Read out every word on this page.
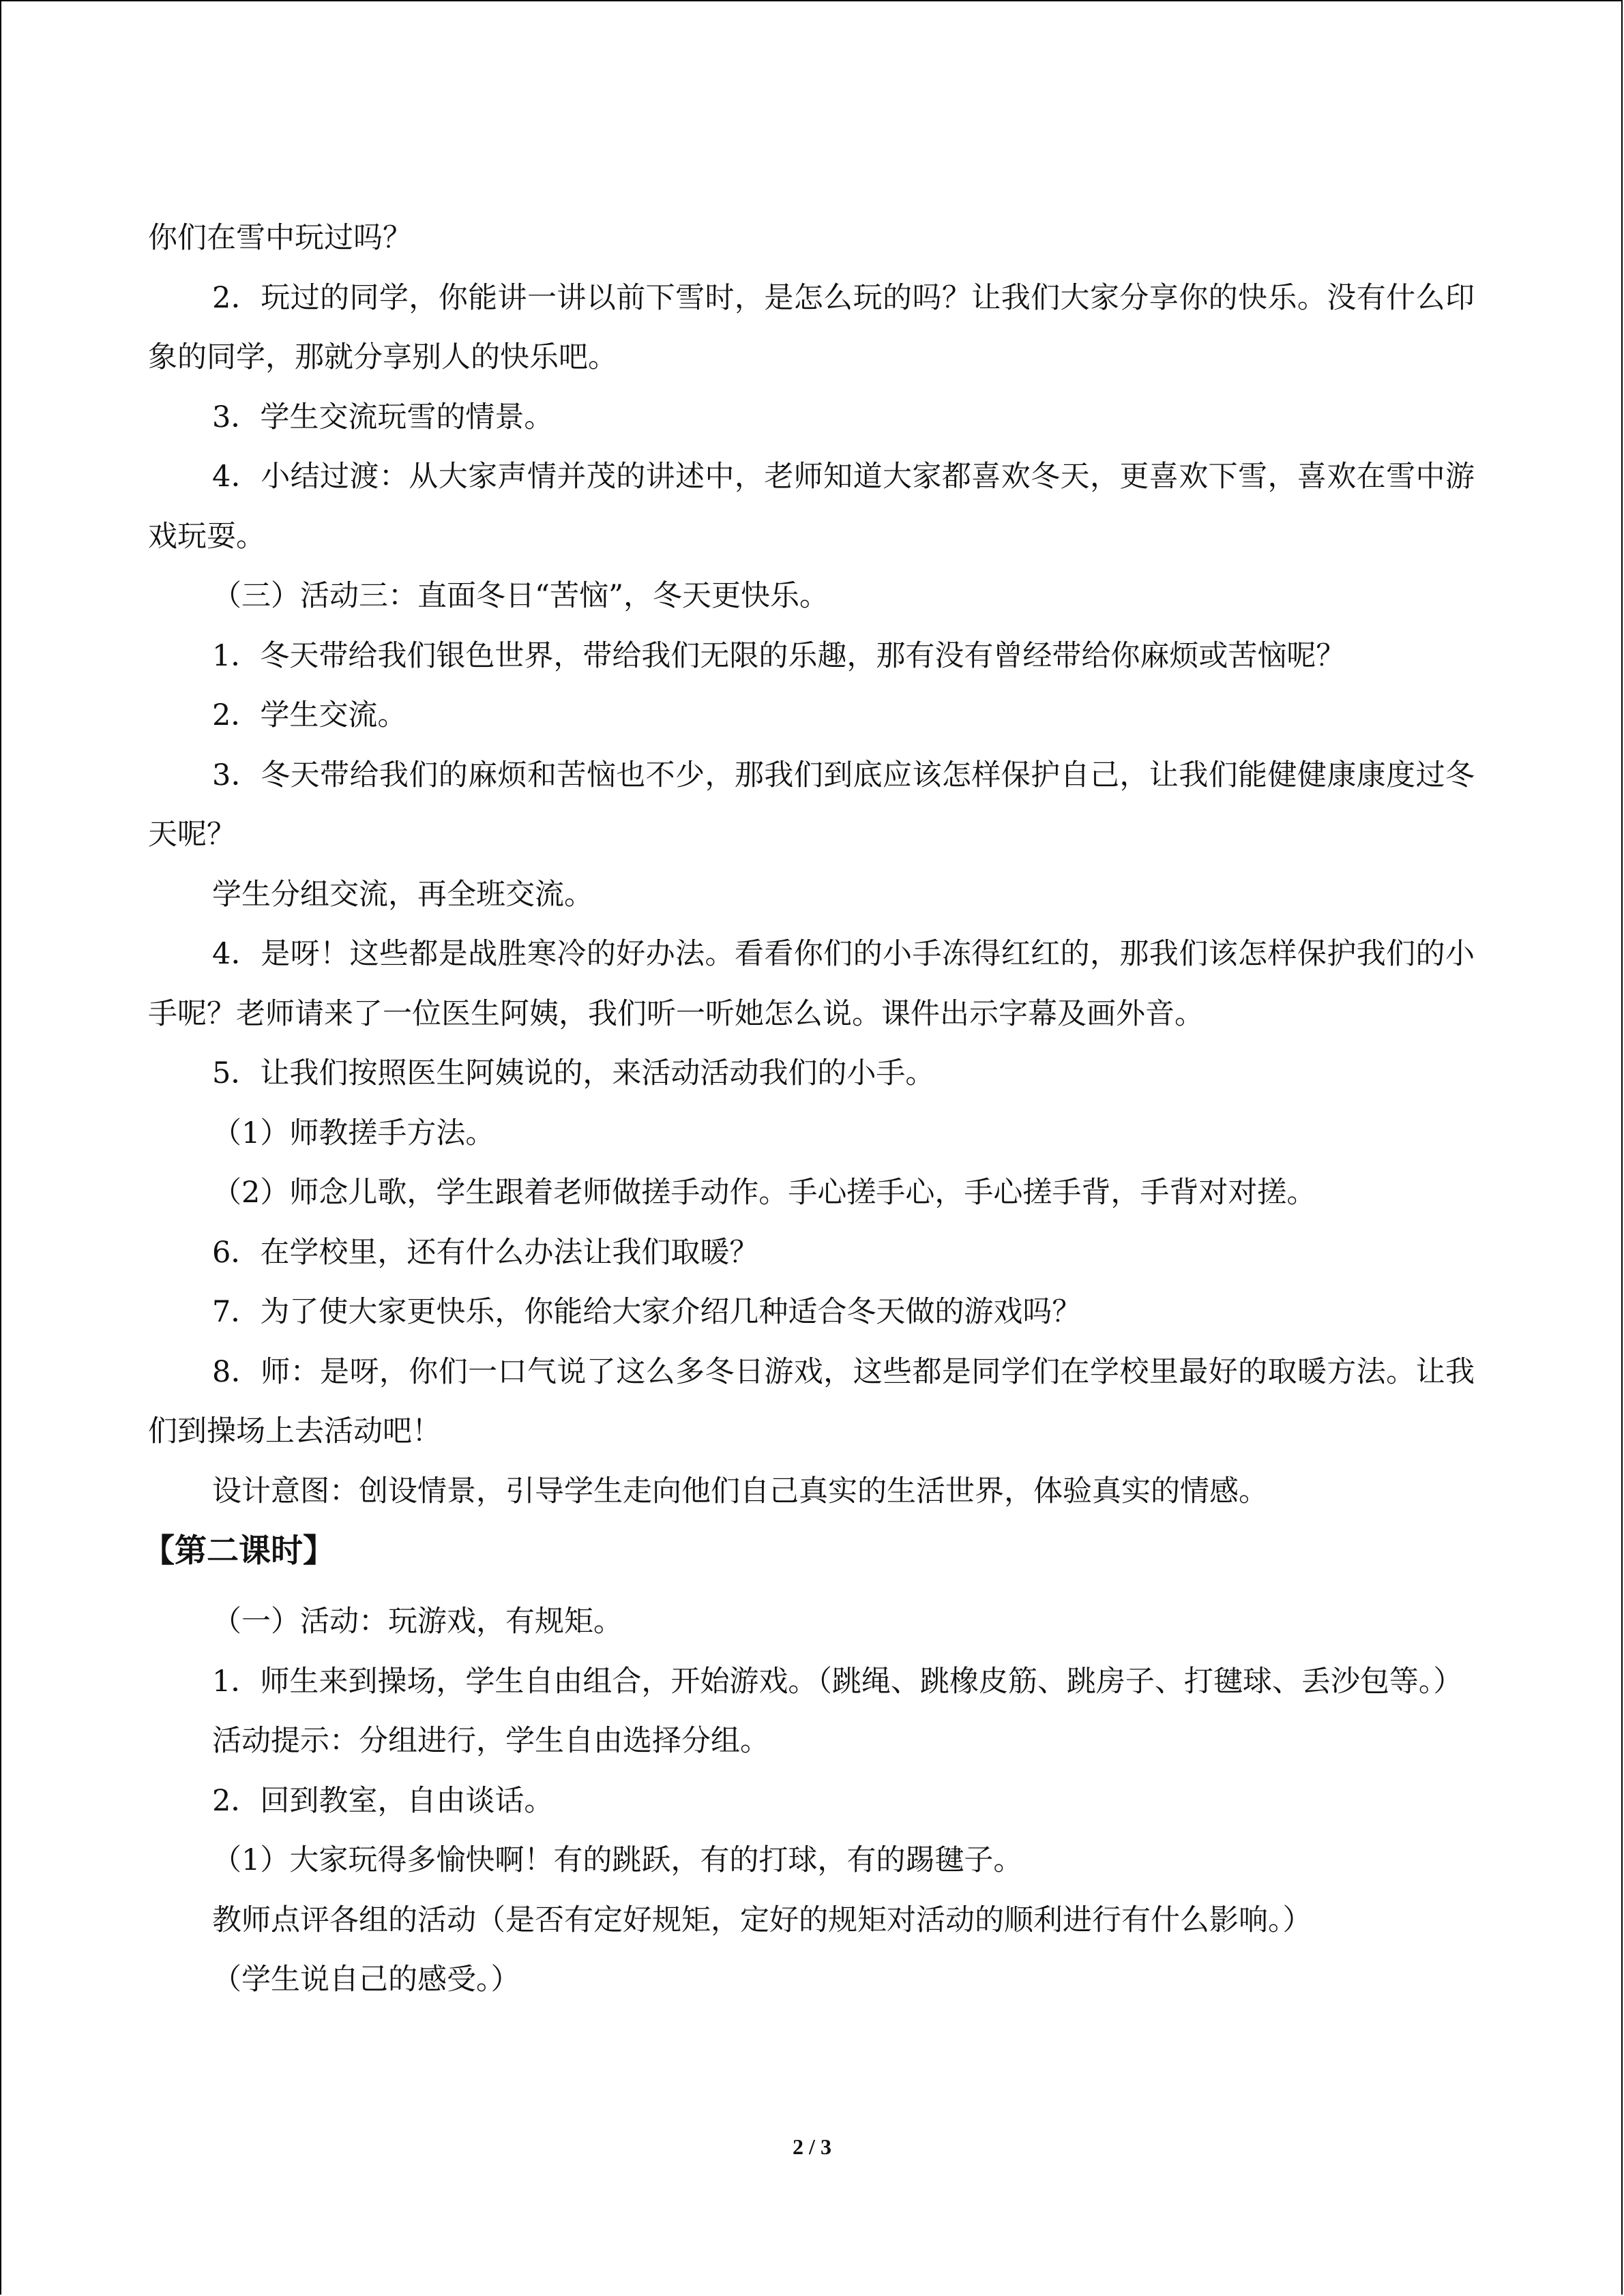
你们在雪中玩过吗？

2．玩过的同学，你能讲一讲以前下雪时，是怎么玩的吗？让我们大家分享你的快乐。没有什么印象的同学，那就分享别人的快乐吧。

3．学生交流玩雪的情景。

4．小结过渡：从大家声情并茂的讲述中，老师知道大家都喜欢冬天，更喜欢下雪，喜欢在雪中游戏玩耍。

（三）活动三：直面冬日“苦恼”，冬天更快乐。

1．冬天带给我们银色世界，带给我们无限的乐趣，那有没有曾经带给你麻烦或苦恼呢？

2．学生交流。

3．冬天带给我们的麻烦和苦恼也不少，那我们到底应该怎样保护自己，让我们能健健康康度过冬天呢？

学生分组交流，再全班交流。

4．是呀！这些都是战胜寒冷的好办法。看看你们的小手冻得红红的，那我们该怎样保护我们的小手呢？老师请来了一位医生阿姨，我们听一听她怎么说。课件出示字幕及画外音。

5．让我们按照医生阿姨说的，来活动活动我们的小手。

（1）师教搓手方法。

（2）师念儿歌，学生跟着老师做搓手动作。手心搓手心，手心搓手背，手背对对搓。

6．在学校里，还有什么办法让我们取暖？

7．为了使大家更快乐，你能给大家介绍几种适合冬天做的游戏吗？

8．师：是呀，你们一口气说了这么多冬日游戏，这些都是同学们在学校里最好的取暖方法。让我们到操场上去活动吧！

设计意图：创设情景，引导学生走向他们自己真实的生活世界，体验真实的情感。

【第二课时】

（一）活动：玩游戏，有规矩。

1．师生来到操场，学生自由组合，开始游戏。（跳绳、跳橡皮筋、跳房子、打毽球、丢沙包等。）

活动提示：分组进行，学生自由选择分组。

2．回到教室，自由谈话。

（1）大家玩得多愉快啊！有的跳跃，有的打球，有的踢毽子。

教师点评各组的活动（是否有定好规矩，定好的规矩对活动的顺利进行有什么影响。）

（学生说自己的感受。）

2 / 3
